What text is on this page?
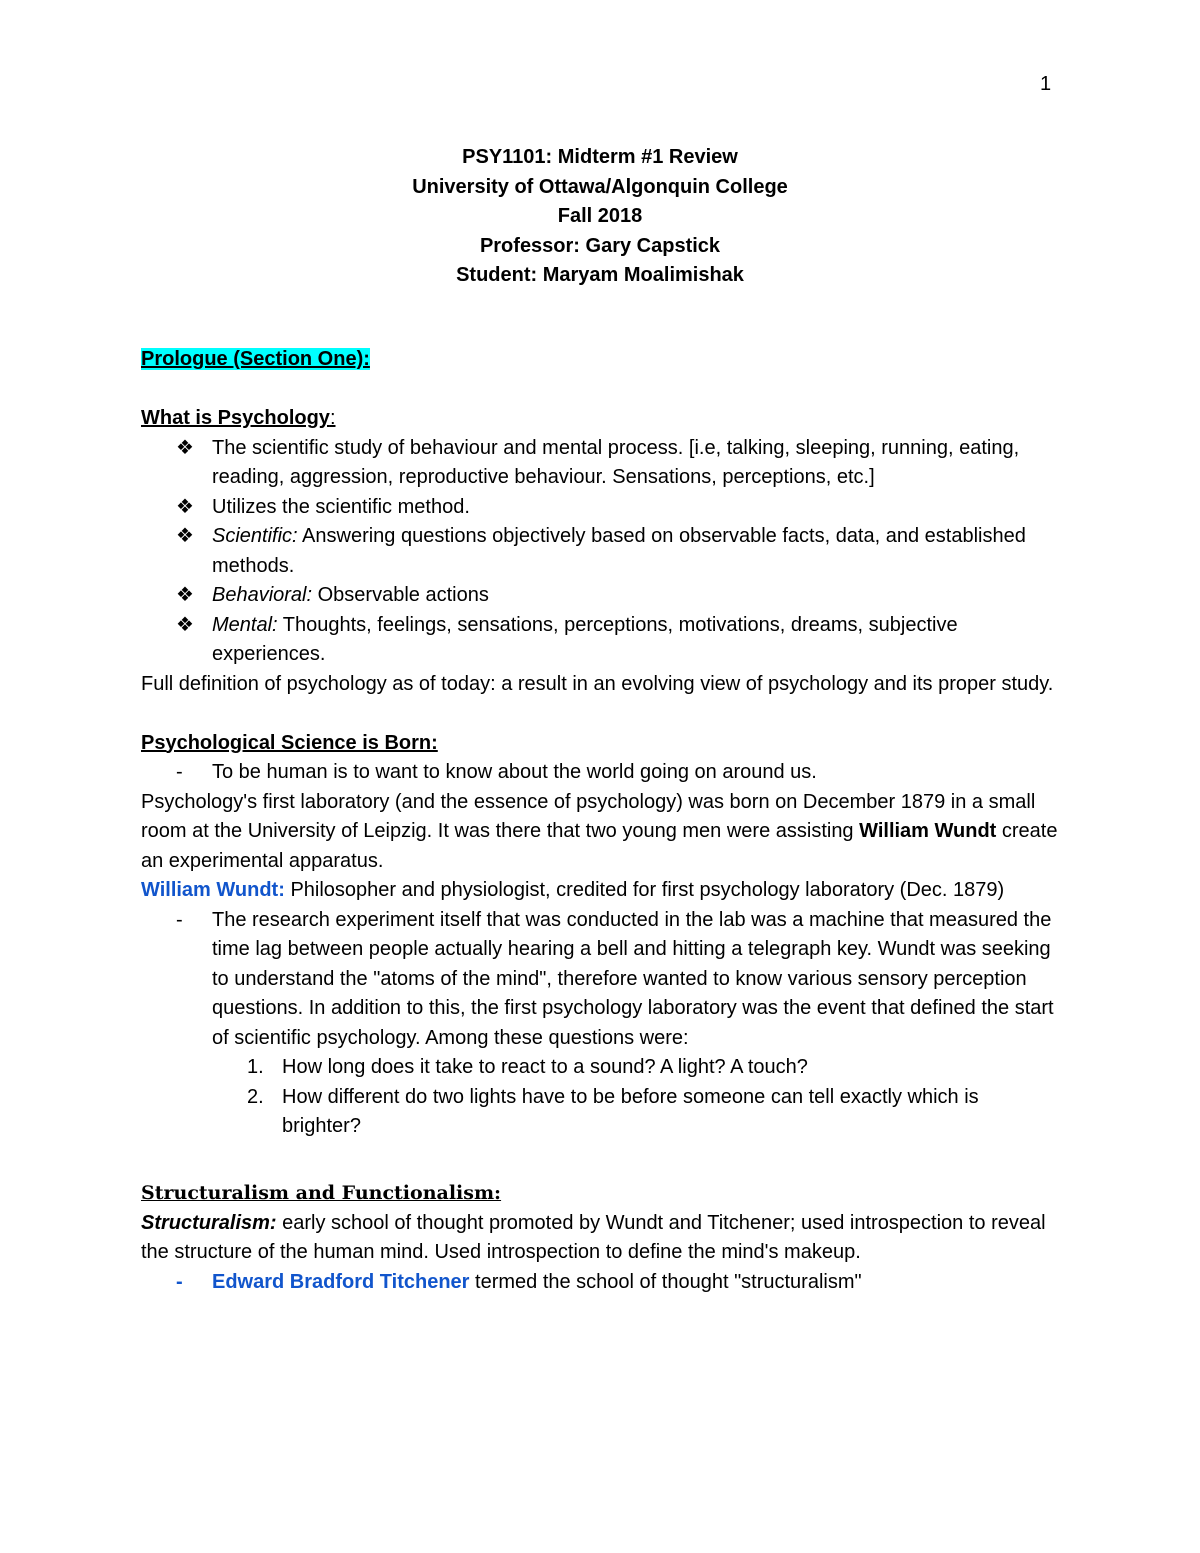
1
PSY1101: Midterm #1 Review
University of Ottawa/Algonquin College
Fall 2018
Professor: Gary Capstick
Student: Maryam Moalimishak
Prologue (Section One):
What is Psychology:
❖ The scientific study of behaviour and mental process. [i.e, talking, sleeping, running, eating, reading, aggression, reproductive behaviour. Sensations, perceptions, etc.]
❖ Utilizes the scientific method.
❖ Scientific: Answering questions objectively based on observable facts, data, and established methods.
❖ Behavioral: Observable actions
❖ Mental: Thoughts, feelings, sensations, perceptions, motivations, dreams, subjective experiences.
Full definition of psychology as of today: a result in an evolving view of psychology and its proper study.
Psychological Science is Born:
-	To be human is to want to know about the world going on around us.
Psychology's first laboratory (and the essence of psychology) was born on December 1879 in a small room at the University of Leipzig. It was there that two young men were assisting William Wundt create an experimental apparatus.
William Wundt: Philosopher and physiologist, credited for first psychology laboratory (Dec. 1879)
-	The research experiment itself that was conducted in the lab was a machine that measured the time lag between people actually hearing a bell and hitting a telegraph key. Wundt was seeking to understand the "atoms of the mind", therefore wanted to know various sensory perception questions. In addition to this, the first psychology laboratory was the event that defined the start of scientific psychology. Among these questions were:
1. How long does it take to react to a sound? A light? A touch?
2. How different do two lights have to be before someone can tell exactly which is brighter?
Structuralism and Functionalism:
Structuralism: early school of thought promoted by Wundt and Titchener; used introspection to reveal the structure of the human mind. Used introspection to define the mind's makeup.
-	Edward Bradford Titchener termed the school of thought "structuralism"
